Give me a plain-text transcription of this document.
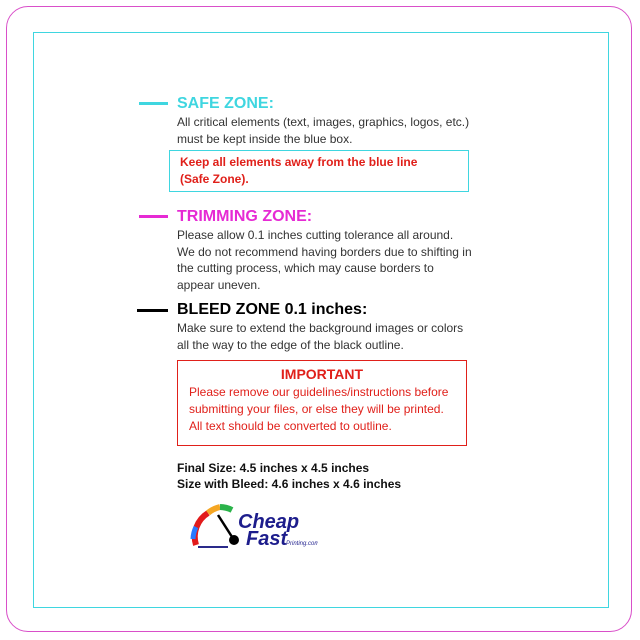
SAFE ZONE:
All critical elements (text, images, graphics, logos, etc.)
must be kept inside the blue box.
Keep all elements away from the blue line
(Safe Zone).
TRIMMING ZONE:
Please allow 0.1 inches cutting tolerance all around.
We do not recommend having borders due to shifting in
the cutting process, which may cause borders to
appear uneven.
BLEED ZONE 0.1 inches:
Make sure to extend the background images or colors
all the way to the edge of the black outline.
IMPORTANT
Please remove our guidelines/instructions before
submitting your files, or else they will be printed.
All text should be converted to outline.
Final Size: 4.5 inches x 4.5 inches
Size with Bleed: 4.6 inches x 4.6 inches
Cheap
Fast
Printing.com
